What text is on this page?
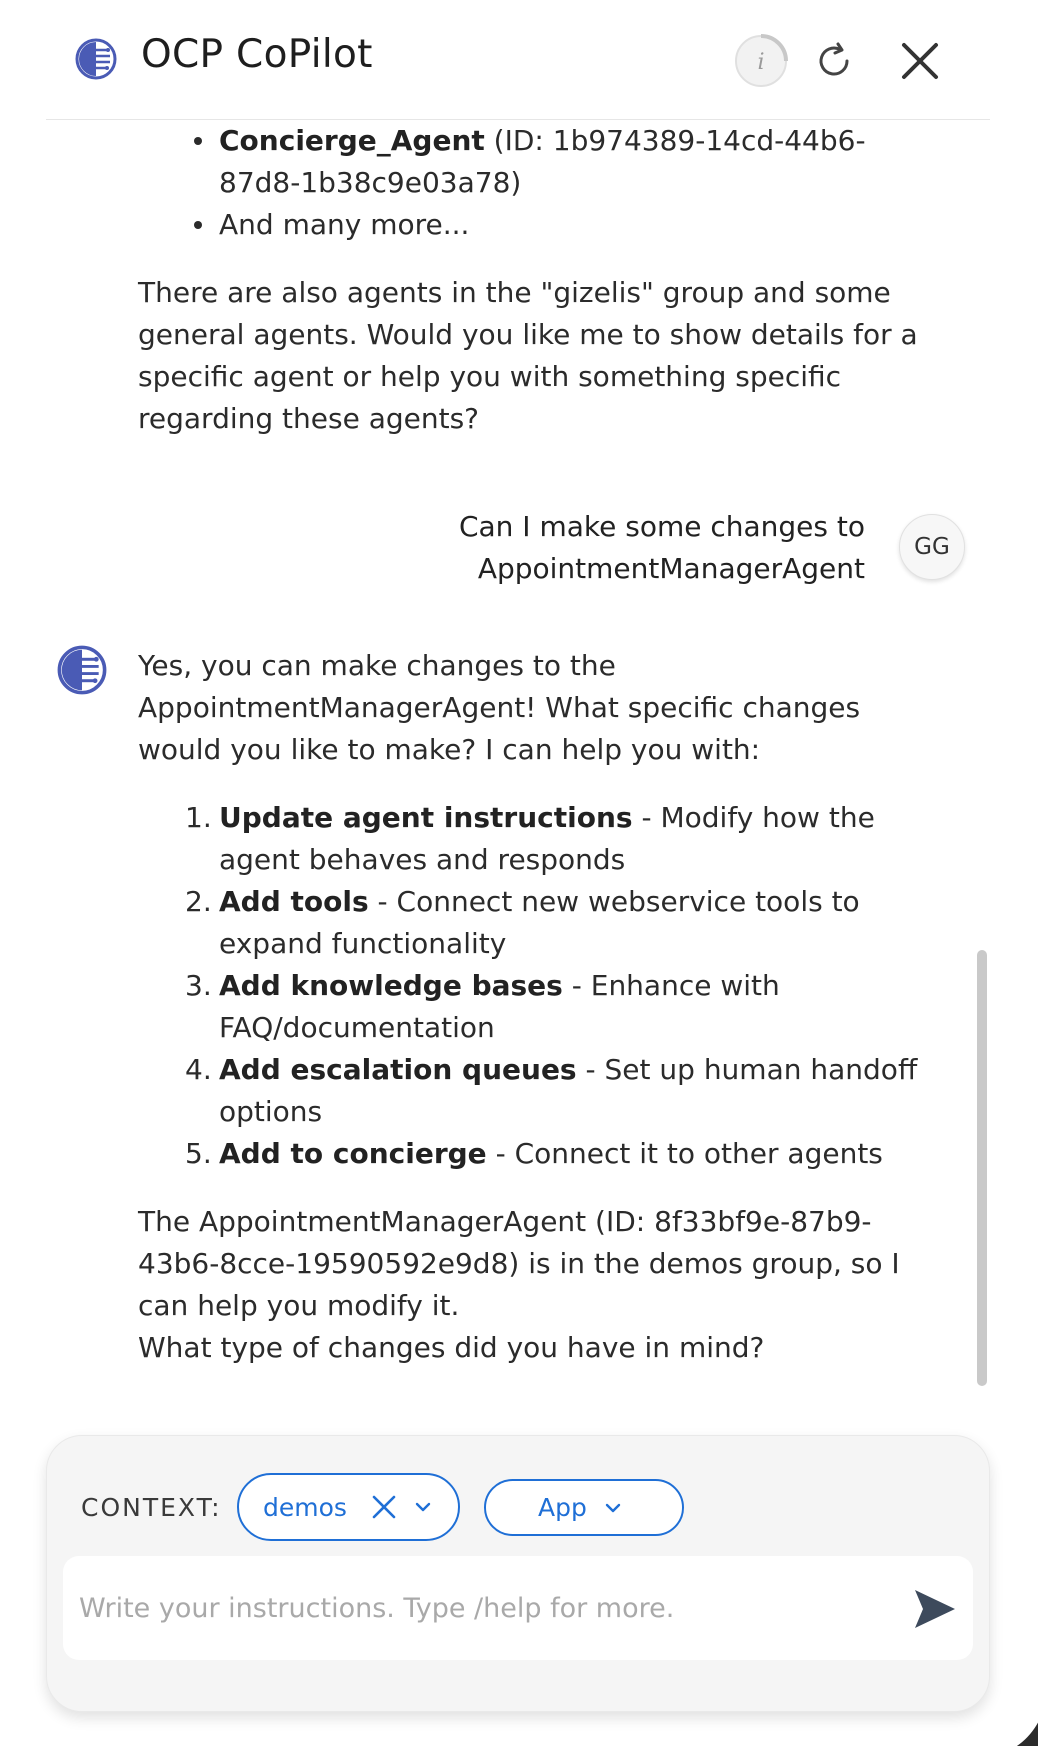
OCP CoPilot	i
Concierge_Agent (ID: 1b974389-14cd-44b6-87d8-1b38c9e03a78)
And many more...

There are also agents in the "gizelis" group and some general agents. Would you like me to show details for a specific agent or help you with something specific regarding these agents?

Can I make some changes to
AppointmentManagerAgent
GG

Yes, you can make changes to the AppointmentManagerAgent! What specific changes would you like to make? I can help you with:

1. Update agent instructions - Modify how the agent behaves and responds
2. Add tools - Connect new webservice tools to expand functionality
3. Add knowledge bases - Enhance with FAQ/documentation
4. Add escalation queues - Set up human handoff options
5. Add to concierge - Connect it to other agents

The AppointmentManagerAgent (ID: 8f33bf9e-87b9-43b6-8cce-19590592e9d8) is in the demos group, so I can help you modify it.

What type of changes did you have in mind?

CONTEXT: demos	App
Write your instructions. Type /help for more.
